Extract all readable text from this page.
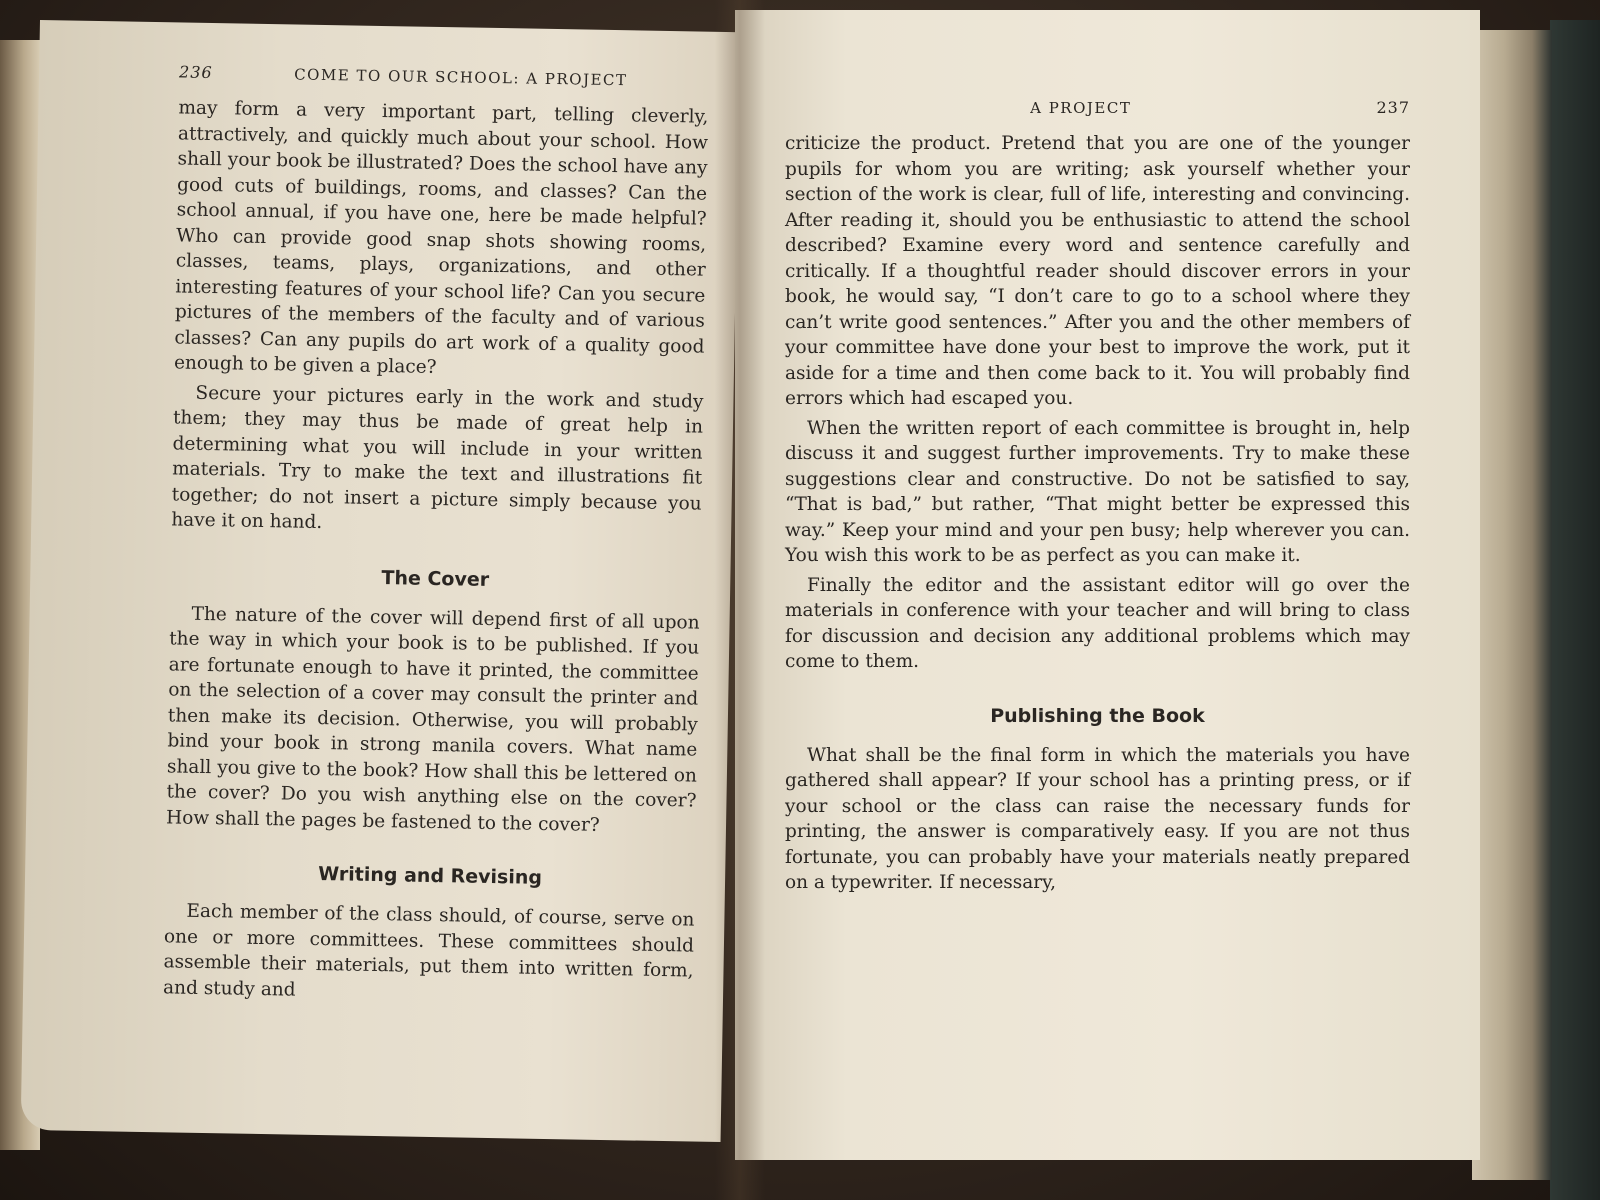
236	COME TO OUR SCHOOL: A PROJECT

may form a very important part, telling cleverly, attractively, and quickly much about your school. How shall your book be illustrated? Does the school have any good cuts of buildings, rooms, and classes? Can the school annual, if you have one, here be made helpful? Who can provide good snap shots showing rooms, classes, teams, plays, organizations, and other interesting features of your school life? Can you secure pictures of the members of the faculty and of various classes? Can any pupils do art work of a quality good enough to be given a place?

Secure your pictures early in the work and study them; they may thus be made of great help in determining what you will include in your written materials. Try to make the text and illustrations fit together; do not insert a picture simply because you have it on hand.

The Cover

The nature of the cover will depend first of all upon the way in which your book is to be published. If you are fortunate enough to have it printed, the committee on the selection of a cover may consult the printer and then make its decision. Otherwise, you will probably bind your book in strong manila covers. What name shall you give to the book? How shall this be lettered on the cover? Do you wish anything else on the cover? How shall the pages be fastened to the cover?

Writing and Revising

Each member of the class should, of course, serve on one or more committees. These committees should assemble their materials, put them into written form, and study and

A PROJECT	237

criticize the product. Pretend that you are one of the younger pupils for whom you are writing; ask yourself whether your section of the work is clear, full of life, interesting and convincing. After reading it, should you be enthusiastic to attend the school described? Examine every word and sentence carefully and critically. If a thoughtful reader should discover errors in your book, he would say, “I don’t care to go to a school where they can’t write good sentences.” After you and the other members of your committee have done your best to improve the work, put it aside for a time and then come back to it. You will probably find errors which had escaped you.

When the written report of each committee is brought in, help discuss it and suggest further improvements. Try to make these suggestions clear and constructive. Do not be satisfied to say, “That is bad,” but rather, “That might better be expressed this way.” Keep your mind and your pen busy; help wherever you can. You wish this work to be as perfect as you can make it.

Finally the editor and the assistant editor will go over the materials in conference with your teacher and will bring to class for discussion and decision any additional problems which may come to them.

Publishing the Book

What shall be the final form in which the materials you have gathered shall appear? If your school has a printing press, or if your school or the class can raise the necessary funds for printing, the answer is comparatively easy. If you are not thus fortunate, you can probably have your materials neatly prepared on a typewriter. If necessary,
